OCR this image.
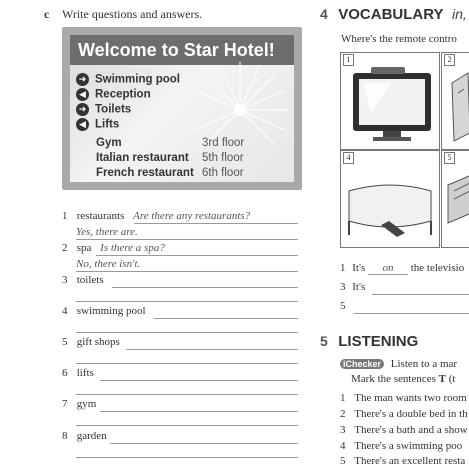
c Write questions and answers.
Welcome to Star Hotel!
➜ Swimming pool
◀ Reception
➜ Toilets
◀ Lifts
Gym	3rd floor
Italian restaurant 5th floor
French restaurant 6th floor
1 restaurants Are there any restaurants?
Yes, there are.
2 spa Is there a spa?
No, there isn't.
3 toilets
4 swimming pool
5 gift shops
6 lifts
7 gym
8 garden
4 VOCABULARY in,
Where's the remote contro
1	2
4	5
1 It's on the televisio
3 It's
5
5 LISTENING
iChecker Listen to a mar
Mark the sentences T (t
1 The man wants two room
2 There's a double bed in th
3 There's a bath and a show
4 There's a swimming poo
5 There's an excellent resta
